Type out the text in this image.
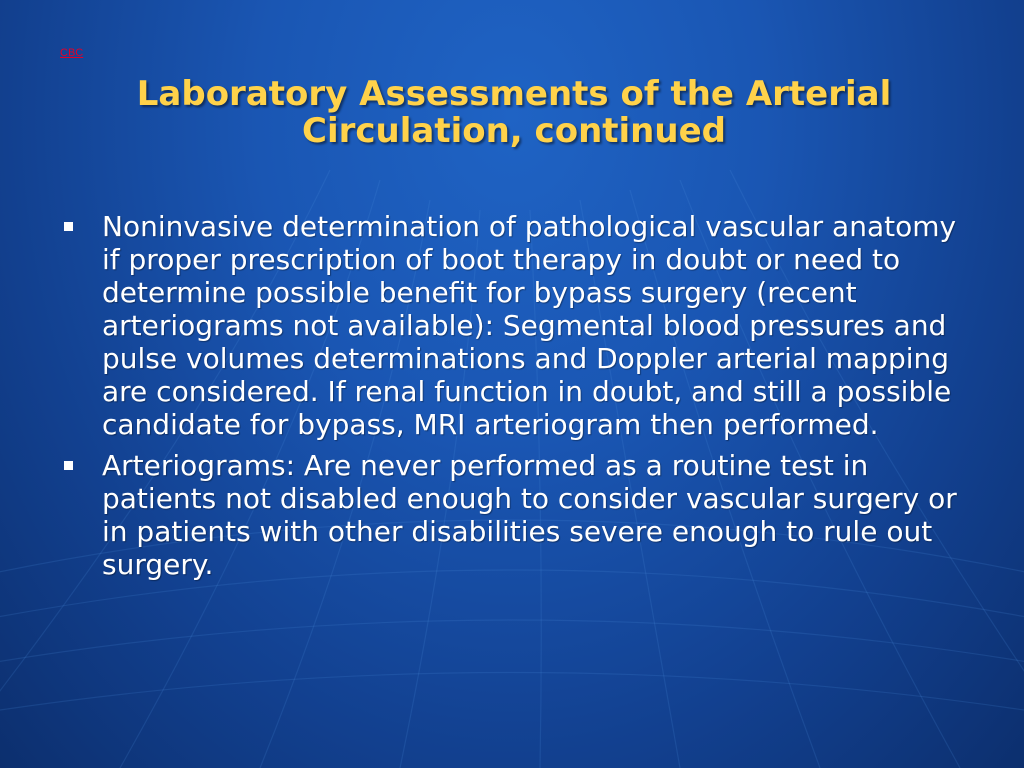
CBC
Laboratory Assessments of the Arterial
Circulation, continued
Noninvasive determination of pathological vascular anatomy if proper prescription of boot therapy in doubt or need to determine possible benefit for bypass surgery (recent arteriograms not available): Segmental blood pressures and pulse volumes determinations and Doppler arterial mapping are considered. If renal function in doubt, and still a possible candidate for bypass, MRI arteriogram then performed.
Arteriograms: Are never performed as a routine test in patients not disabled enough to consider vascular surgery or in patients with other disabilities severe enough to rule out surgery.
